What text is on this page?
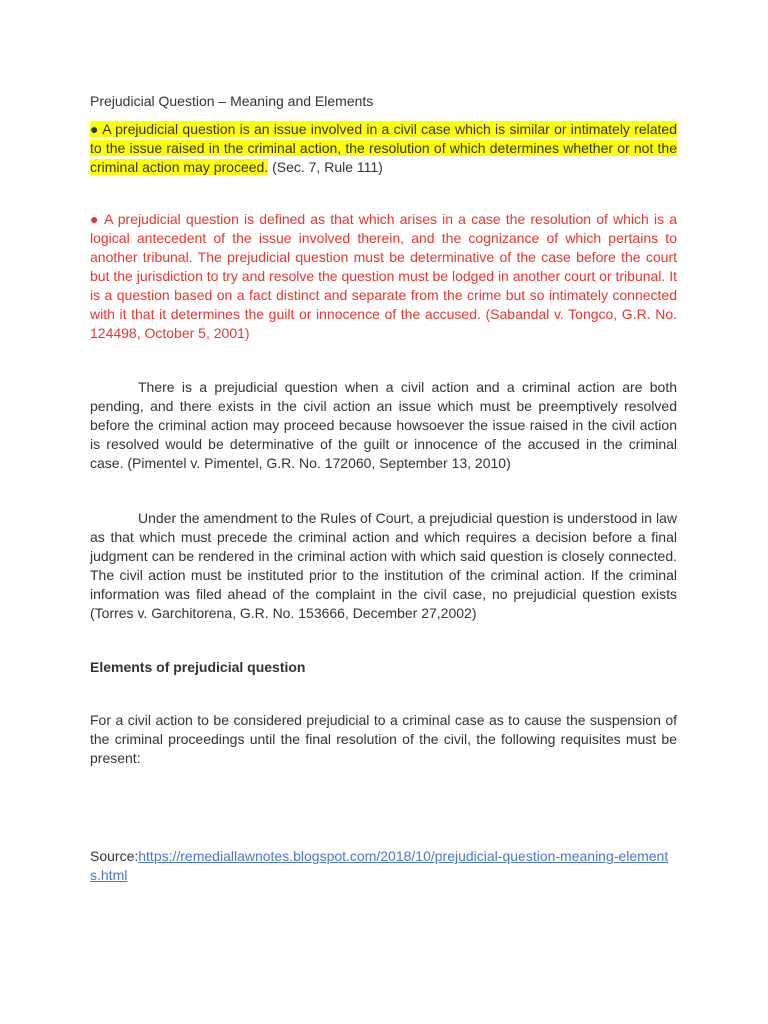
Prejudicial Question – Meaning and Elements

● A prejudicial question is an issue involved in a civil case which is similar or intimately related to the issue raised in the criminal action, the resolution of which determines whether or not the criminal action may proceed. (Sec. 7, Rule 111)

● A prejudicial question is defined as that which arises in a case the resolution of which is a logical antecedent of the issue involved therein, and the cognizance of which pertains to another tribunal. The prejudicial question must be determinative of the case before the court but the jurisdiction to try and resolve the question must be lodged in another court or tribunal. It is a question based on a fact distinct and separate from the crime but so intimately connected with it that it determines the guilt or innocence of the accused. (Sabandal v. Tongco, G.R. No. 124498, October 5, 2001)

There is a prejudicial question when a civil action and a criminal action are both pending, and there exists in the civil action an issue which must be preemptively resolved before the criminal action may proceed because howsoever the issue raised in the civil action is resolved would be determinative of the guilt or innocence of the accused in the criminal case. (Pimentel v. Pimentel, G.R. No. 172060, September 13, 2010)

Under the amendment to the Rules of Court, a prejudicial question is understood in law as that which must precede the criminal action and which requires a decision before a final judgment can be rendered in the criminal action with which said question is closely connected. The civil action must be instituted prior to the institution of the criminal action. If the criminal information was filed ahead of the complaint in the civil case, no prejudicial question exists (Torres v. Garchitorena, G.R. No. 153666, December 27,2002)

Elements of prejudicial question

For a civil action to be considered prejudicial to a criminal case as to cause the suspension of the criminal proceedings until the final resolution of the civil, the following requisites must be present:

Source:https://remediallawnotes.blogspot.com/2018/10/prejudicial-question-meaning-elements.html
